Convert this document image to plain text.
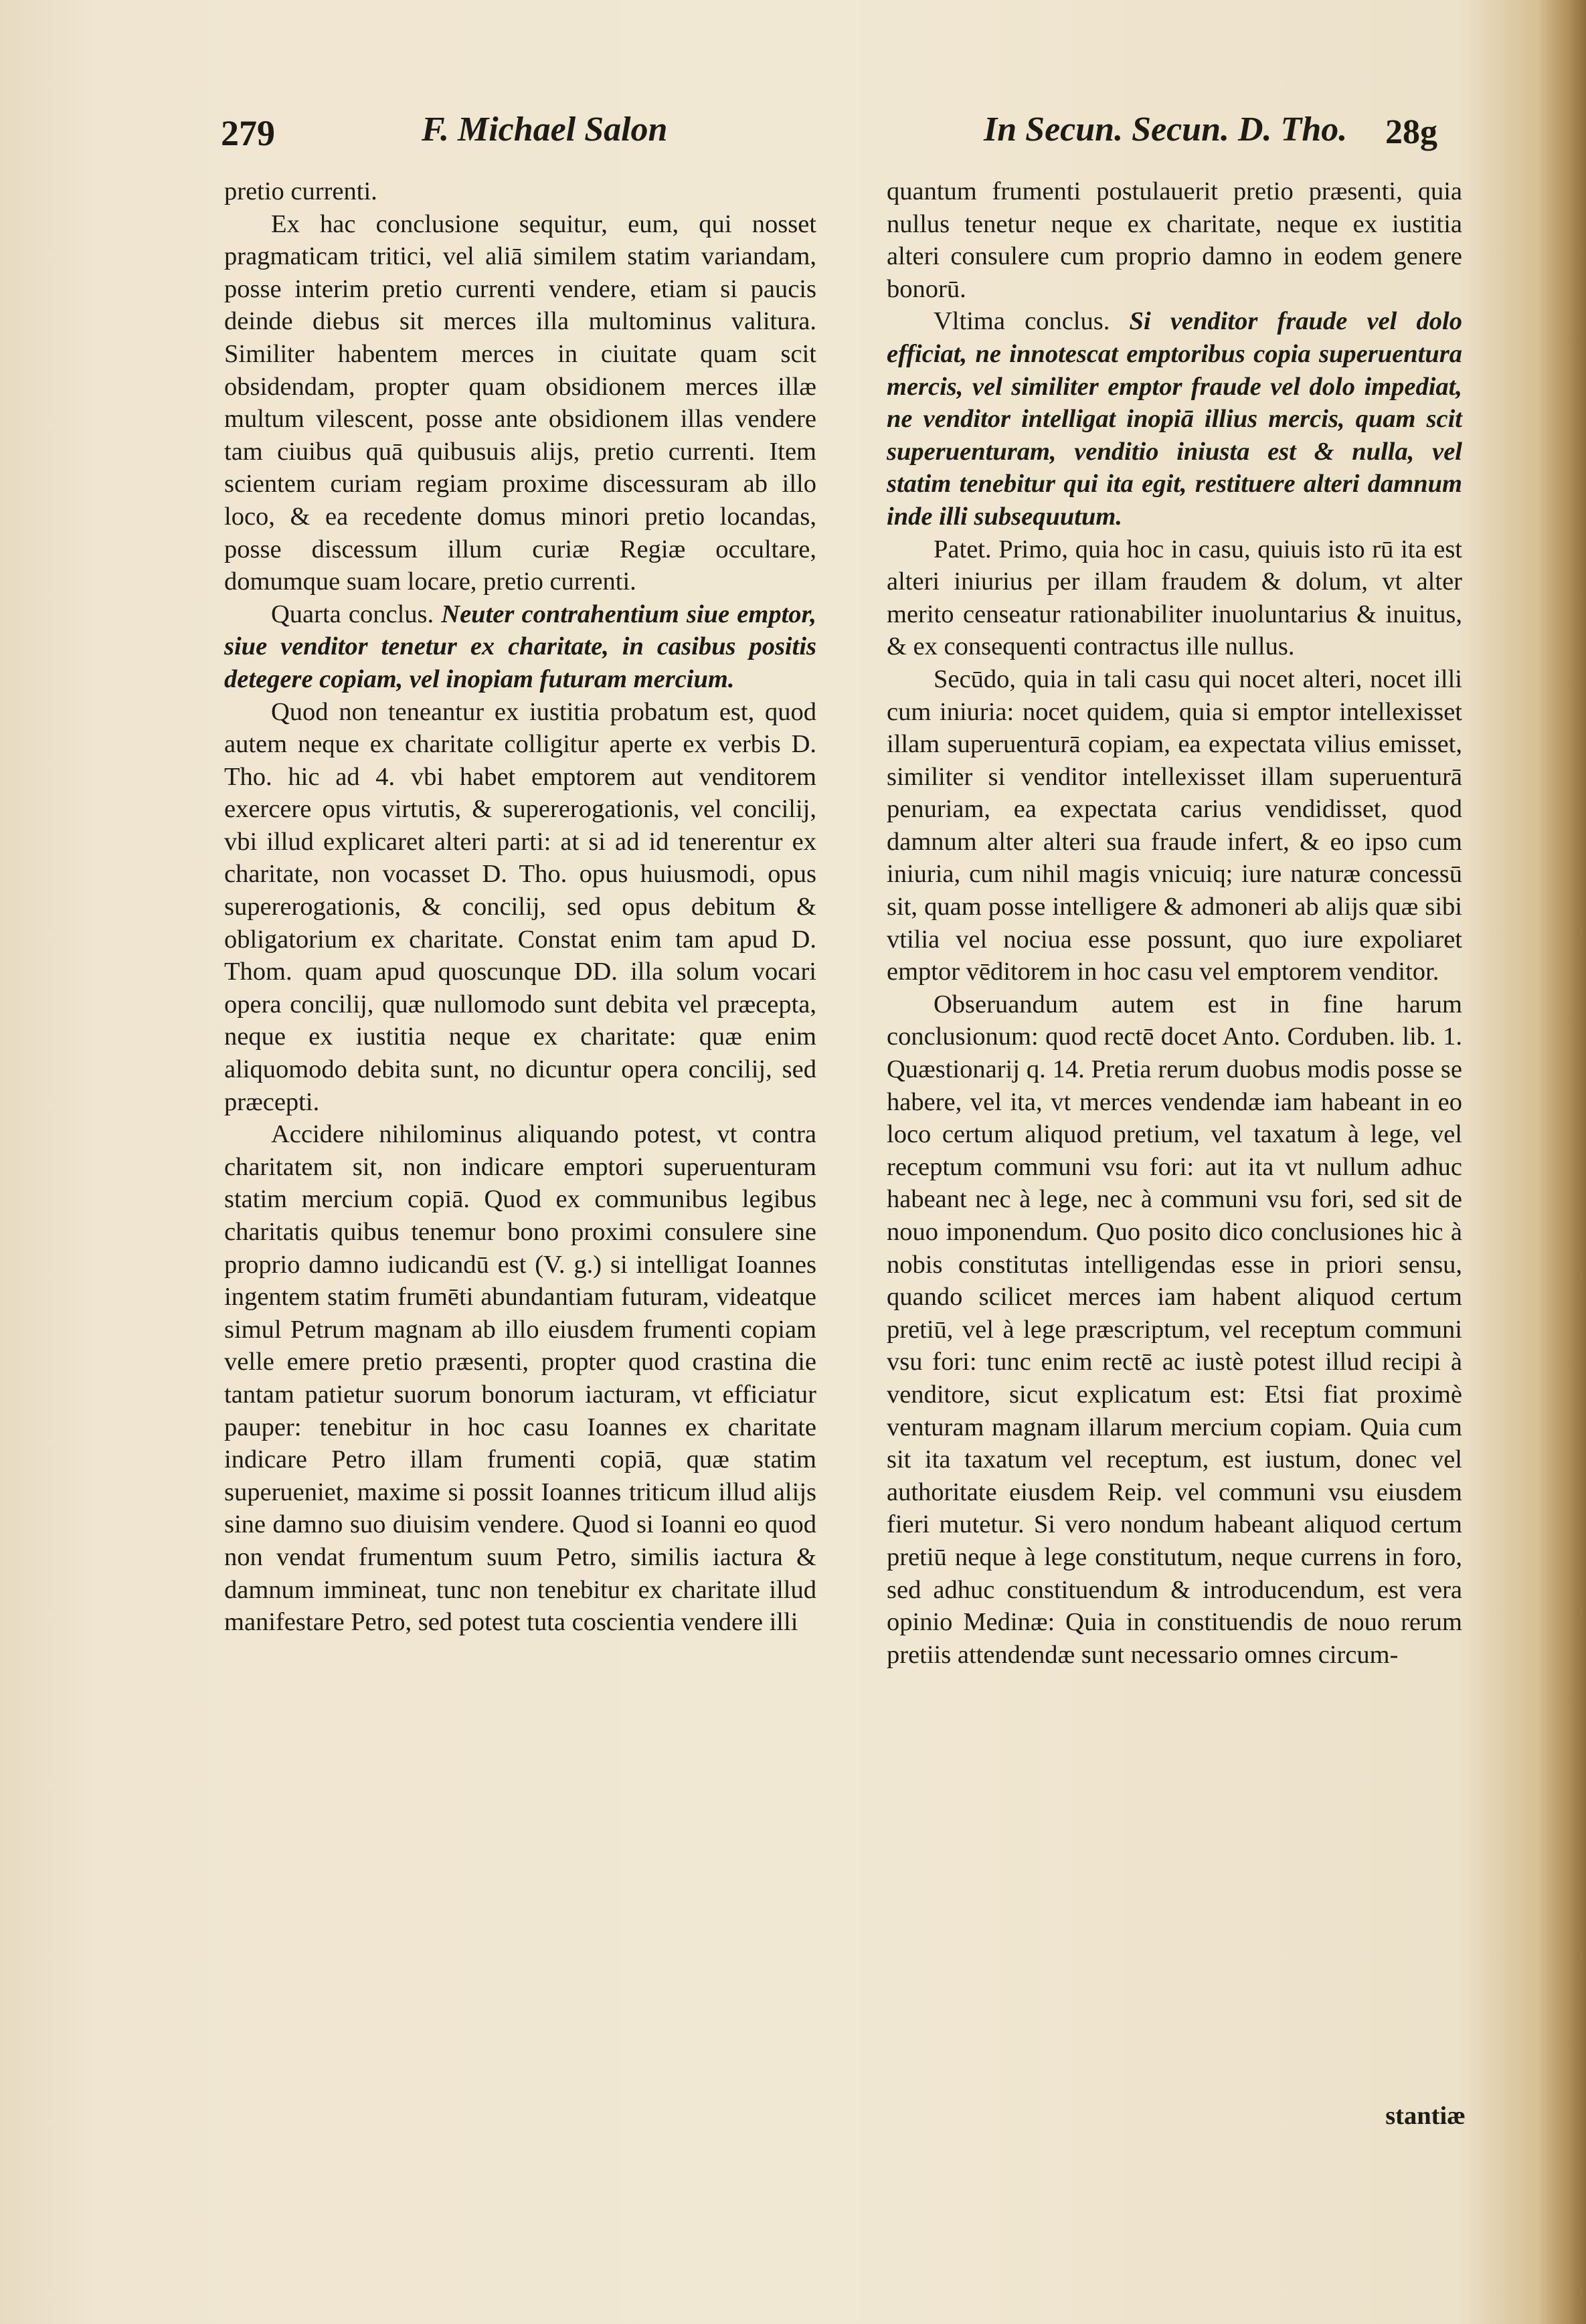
279	F. Michael Salon	In Secun. Secun. D. Tho. 28g

pretio currenti.

Ex hac conclusione sequitur, eum, qui nosset pragmaticam tritici, vel aliā similem statim variandam, posse interim pretio currenti vendere, etiam si paucis deinde diebus sit merces illa multominus valitura. Similiter habentem merces in ciuitate quam scit obsidendam, propter quam obsidionem merces illæ multum vilescent, posse ante obsidionem illas vendere tam ciuibus quā quibusuis alijs, pretio currenti. Item scientem curiam regiam proxime discessuram ab illo loco, & ea recedente domus minori pretio locandas, posse discessum illum curiæ Regiæ occultare, domumque suam locare, pretio currenti.

Quarta conclus. Neuter contrahentium siue emptor, siue venditor tenetur ex charitate, in casibus positis detegere copiam, vel inopiam futuram mercium.

Quod non teneantur ex iustitia probatum est, quod autem neque ex charitate colligitur aperte ex verbis D. Tho. hic ad 4. vbi habet emptorem aut venditorem exercere opus virtutis, & supererogationis, vel concilij, vbi illud explicaret alteri parti: at si ad id tenerentur ex charitate, non vocasset D. Tho. opus huiusmodi, opus supererogationis, & concilij, sed opus debitum & obligatorium ex charitate. Constat enim tam apud D. Thom. quam apud quoscunque DD. illa solum vocari opera concilij, quæ nullomodo sunt debita vel præcepta, neque ex iustitia neque ex charitate: quæ enim aliquomodo debita sunt, no dicuntur opera concilij, sed præcepti.

Accidere nihilominus aliquando potest, vt contra charitatem sit, non indicare emptori superuenturam statim mercium copiā. Quod ex communibus legibus charitatis quibus tenemur bono proximi consulere sine proprio damno iudicandū est (V. g.) si intelligat Ioannes ingentem statim frumēti abundantiam futuram, videatque simul Petrum magnam ab illo eiusdem frumenti copiam velle emere pretio præsenti, propter quod crastina die tantam patietur suorum bonorum iacturam, vt efficiatur pauper: tenebitur in hoc casu Ioannes ex charitate indicare Petro illam frumenti copiā, quæ statim superueniet, maxime si possit Ioannes triticum illud alijs sine damno suo diuisim vendere. Quod si Ioanni eo quod non vendat frumentum suum Petro, similis iactura & damnum immineat, tunc non tenebitur ex charitate illud manifestare Petro, sed potest tuta coscientia vendere illi

quantum frumenti postulauerit pretio præsenti, quia nullus tenetur neque ex charitate, neque ex iustitia alteri consulere cum proprio damno in eodem genere bonorū.

Vltima conclus. Si venditor fraude vel dolo efficiat, ne innotescat emptoribus copia superuentura mercis, vel similiter emptor fraude vel dolo impediat, ne venditor intelligat inopiā illius mercis, quam scit superuenturam, venditio iniusta est & nulla, vel statim tenebitur qui ita egit, restituere alteri damnum inde illi subsequutum.

Patet. Primo, quia hoc in casu, quiuis isto rū ita est alteri iniurius per illam fraudem & dolum, vt alter merito censeatur rationabiliter inuoluntarius & inuitus, & ex consequenti contractus ille nullus.

Secūdo, quia in tali casu qui nocet alteri, nocet illi cum iniuria: nocet quidem, quia si emptor intellexisset illam superuenturā copiam, ea expectata vilius emisset, similiter si venditor intellexisset illam superuenturā penuriam, ea expectata carius vendidisset, quod damnum alter alteri sua fraude infert, & eo ipso cum iniuria, cum nihil magis vnicuiq; iure naturæ concessū sit, quam posse intelligere & admoneri ab alijs quæ sibi vtilia vel nociua esse possunt, quo iure expoliaret emptor vēditorem in hoc casu vel emptorem venditor.

Obseruandum autem est in fine harum conclusionum: quod rectē docet Anto. Corduben. lib. 1. Quæstionarij q. 14. Pretia rerum duobus modis posse se habere, vel ita, vt merces vendendæ iam habeant in eo loco certum aliquod pretium, vel taxatum à lege, vel receptum communi vsu fori: aut ita vt nullum adhuc habeant nec à lege, nec à communi vsu fori, sed sit de nouo imponendum. Quo posito dico conclusiones hic à nobis constitutas intelligendas esse in priori sensu, quando scilicet merces iam habent aliquod certum pretiū, vel à lege præscriptum, vel receptum communi vsu fori: tunc enim rectē ac iustè potest illud recipi à venditore, sicut explicatum est: Etsi fiat proximè venturam magnam illarum mercium copiam. Quia cum sit ita taxatum vel receptum, est iustum, donec vel authoritate eiusdem Reip. vel communi vsu eiusdem fieri mutetur. Si vero nondum habeant aliquod certum pretiū neque à lege constitutum, neque currens in foro, sed adhuc constituendum & introducendum, est vera opinio Medinæ: Quia in constituendis de nouo rerum pretiis attendendæ sunt necessario omnes circum-

stantiæ
